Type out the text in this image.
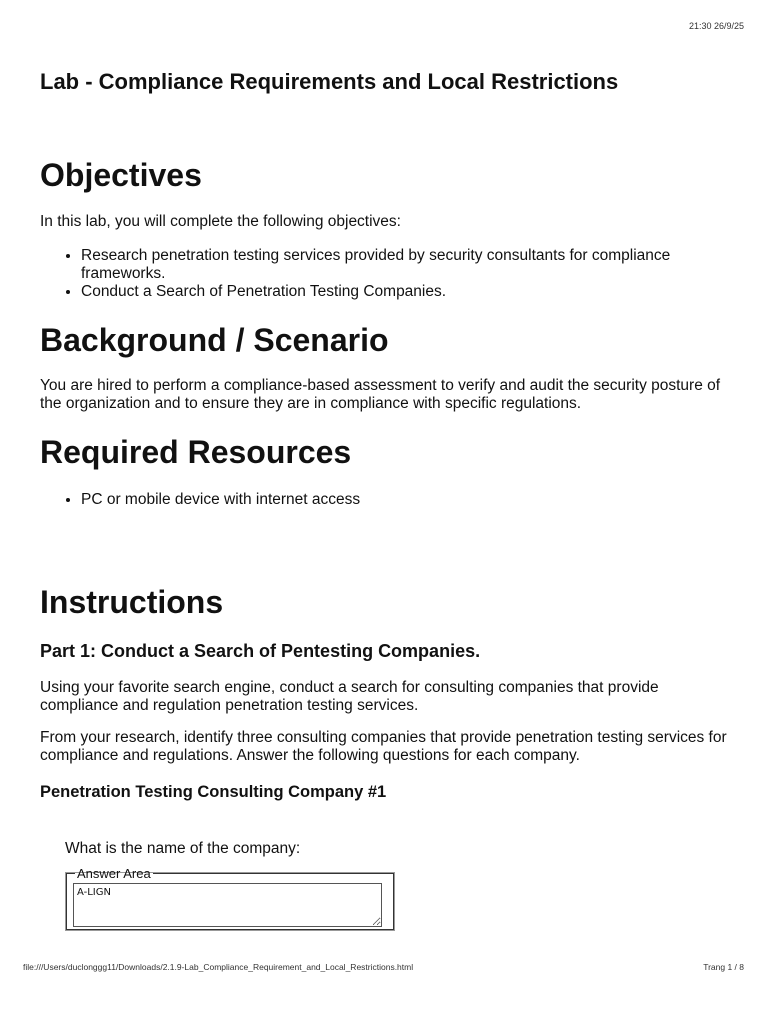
21:30 26/9/25
Lab - Compliance Requirements and Local Restrictions
Objectives

In this lab, you will complete the following objectives:

• Research penetration testing services provided by security consultants for compliance frameworks.
• Conduct a Search of Penetration Testing Companies.
Background / Scenario

You are hired to perform a compliance-based assessment to verify and audit the security posture of the organization and to ensure they are in compliance with specific regulations.

Required Resources
• PC or mobile device with internet access
Instructions
Part 1: Conduct a Search of Pentesting Companies.

Using your favorite search engine, conduct a search for consulting companies that provide compliance and regulation penetration testing services.

From your research, identify three consulting companies that provide penetration testing services for compliance and regulations. Answer the following questions for each company.

Penetration Testing Consulting Company #1

What is the name of the company:

Answer Area
A-LIGN
file:///Users/duclonggg11/Downloads/2.1.9-Lab_Compliance_Requirement_and_Local_Restrictions.html	Trang 1 / 8
